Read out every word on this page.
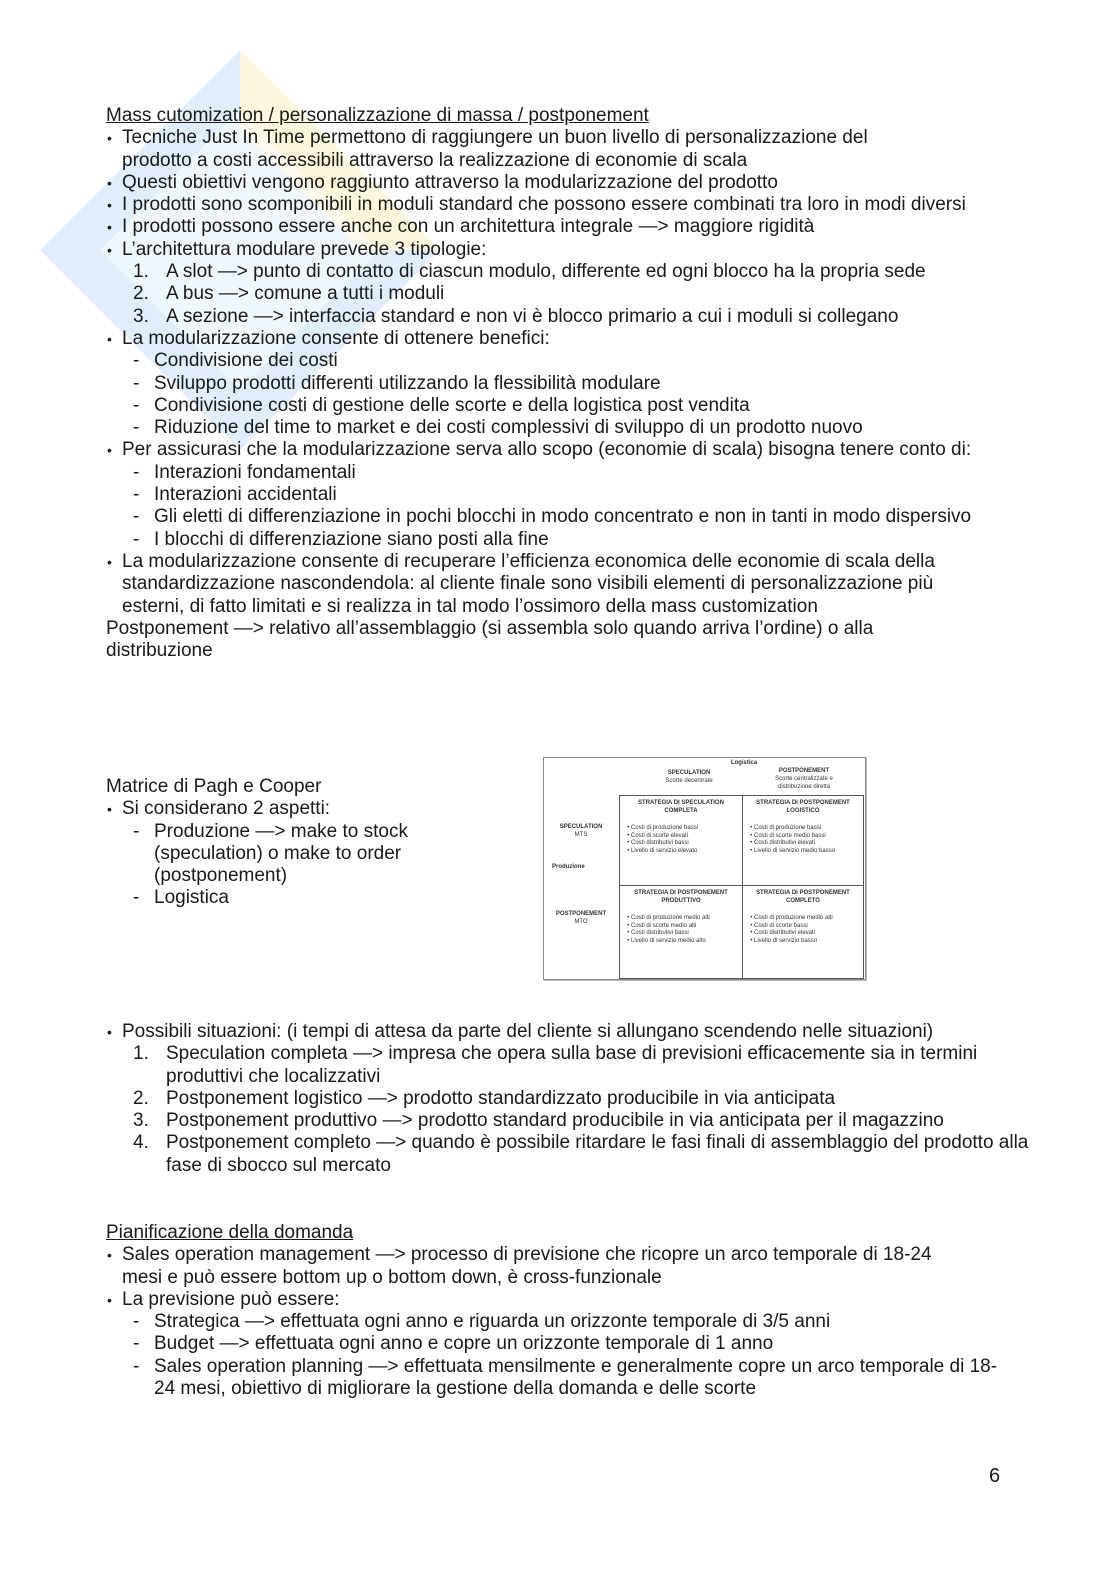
Mass cutomization / personalizzazione di massa / postponement
• Tecniche Just In Time permettono di raggiungere un buon livello di personalizzazione del prodotto a costi accessibili attraverso la realizzazione di economie di scala
• Questi obiettivi vengono raggiunto attraverso la modularizzazione del prodotto
• I prodotti sono scomponibili in moduli standard che possono essere combinati tra loro in modi diversi
• I prodotti possono essere anche con un architettura integrale —> maggiore rigidità
• L’architettura modulare prevede 3 tipologie:
1. A slot —> punto di contatto di ciascun modulo, differente ed ogni blocco ha la propria sede
2. A bus —> comune a tutti i moduli
3. A sezione —> interfaccia standard e non vi è blocco primario a cui i moduli si collegano
• La modularizzazione consente di ottenere benefici:
- Condivisione dei costi
- Sviluppo prodotti differenti utilizzando la flessibilità modulare
- Condivisione costi di gestione delle scorte e della logistica post vendita
- Riduzione del time to market e dei costi complessivi di sviluppo di un prodotto nuovo
• Per assicurasi che la modularizzazione serva allo scopo (economie di scala) bisogna tenere conto di:
- Interazioni fondamentali
- Interazioni accidentali
- Gli eletti di differenziazione in pochi blocchi in modo concentrato e non in tanti in modo dispersivo
- I blocchi di differenziazione siano posti alla fine
• La modularizzazione consente di recuperare l’efficienza economica delle economie di scala della standardizzazione nascondendola: al cliente finale sono visibili elementi di personalizzazione più esterni, di fatto limitati e si realizza in tal modo l’ossimoro della mass customization
Postponement —> relativo all’assemblaggio (si assembla solo quando arriva l’ordine) o alla distribuzione
Matrice di Pagh e Cooper
• Si considerano 2 aspetti:
- Produzione —> make to stock (speculation) o make to order (postponement)
- Logistica
Logistica
SPECULATION
Scorte decentrate
POSTPONEMENT
Scorte centralizzate e distribuzione diretta
SPECULATION
MTS
Produzione
POSTPONEMENT
MTO
STRATEGIA DI SPECULATION COMPLETA
• Costi di produzione bassi
• Costi di scorte elevati
• Costi distributivi bassi
• Livello di servizio elevato
STRATEGIA DI POSTPONEMENT LOGISTICO
• Costi di produzione bassi
• Costi di scorte medio bassi
• Costi distributivi elevati
• Livello di servizio medio basso
STRATEGIA DI POSTPONEMENT PRODUTTIVO
• Costi di produzione medio alti
• Costi di scorte medio alti
• Costi distributivi bassi
• Livello di servizio medio alto
STRATEGIA DI POSTPONEMENT COMPLETO
• Costi di produzione medio alti
• Costi di scorte bassi
• Costi distributivi elevati
• Livello di servizio basso
• Possibili situazioni: (i tempi di attesa da parte del cliente si allungano scendendo nelle situazioni)
1. Speculation completa —> impresa che opera sulla base di previsioni efficacemente sia in termini produttivi che localizzativi
2. Postponement logistico —> prodotto standardizzato producibile in via anticipata
3. Postponement produttivo —> prodotto standard producibile in via anticipata per il magazzino
4. Postponement completo —> quando è possibile ritardare le fasi finali di assemblaggio del prodotto alla fase di sbocco sul mercato
Pianificazione della domanda
• Sales operation management —> processo di previsione che ricopre un arco temporale di 18-24 mesi e può essere bottom up o bottom down, è cross-funzionale
• La previsione può essere:
- Strategica —> effettuata ogni anno e riguarda un orizzonte temporale di 3/5 anni
- Budget —> effettuata ogni anno e copre un orizzonte temporale di 1 anno
- Sales operation planning —> effettuata mensilmente e generalmente copre un arco temporale di 18-24 mesi, obiettivo di migliorare la gestione della domanda e delle scorte
6
